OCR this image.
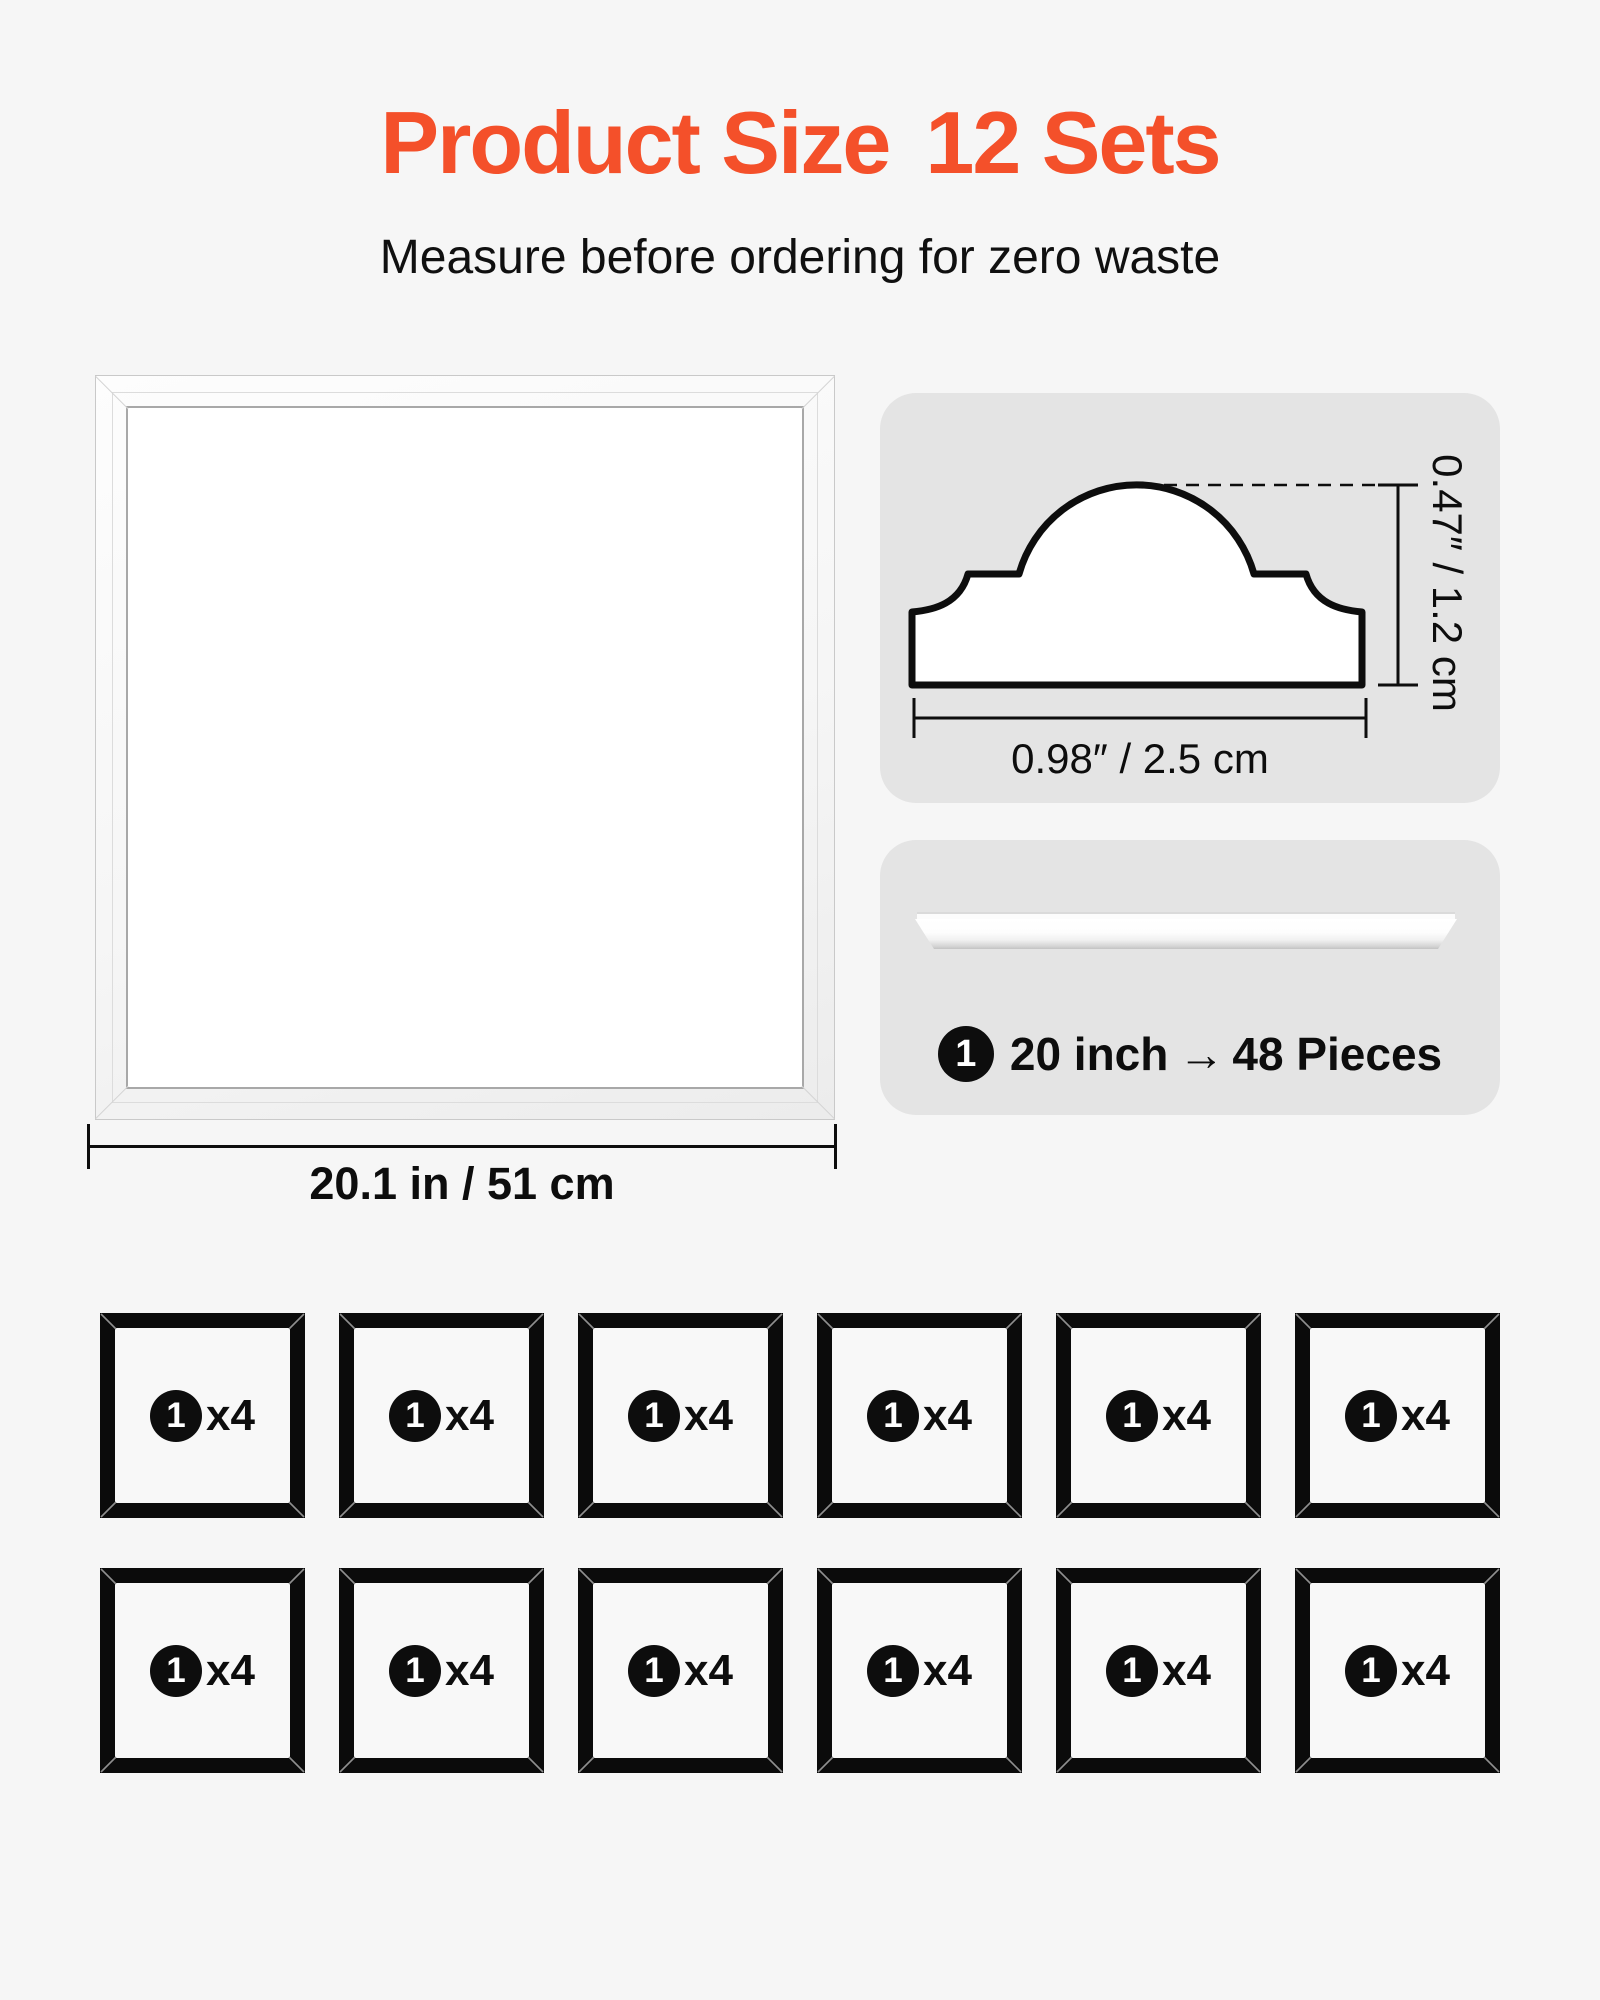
Product Size 12 Sets
Measure before ordering for zero waste
20.1 in / 51 cm
0.98″ / 2.5 cm
0.47″ / 1.2 cm
1 20 inch → 48 Pieces
1 x4	1 x4	1 x4	1 x4	1 x4	1 x4
1 x4	1 x4	1 x4	1 x4	1 x4	1 x4
